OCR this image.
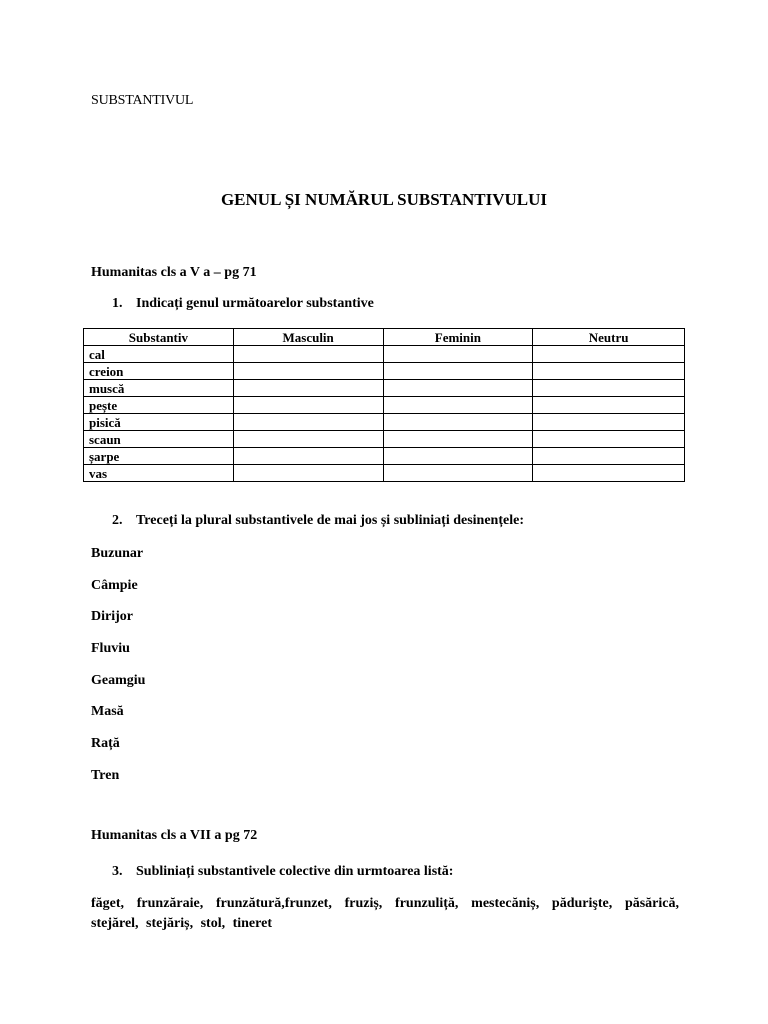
SUBSTANTIVUL
GENUL ȘI NUMĂRUL SUBSTANTIVULUI
Humanitas cls a V a – pg 71
1. Indicați genul următoarelor substantive
Substantiv	Masculin	Feminin	Neutru
cal			
creion			
muscă			
pește			
pisică			
scaun			
șarpe			
vas			
2. Treceți la plural substantivele de mai jos și subliniați desinențele:
Buzunar
Câmpie
Dirijor
Fluviu
Geamgiu
Masă
Rață
Tren
Humanitas cls a VII a pg 72
3. Subliniați substantivele colective din urmtoarea listă:
făget, frunzăraie, frunzătură,frunzet, fruziș, frunzuliță, mestecăniș, pădurişte, păsărică, stejărel, stejăriș, stol, tineret
